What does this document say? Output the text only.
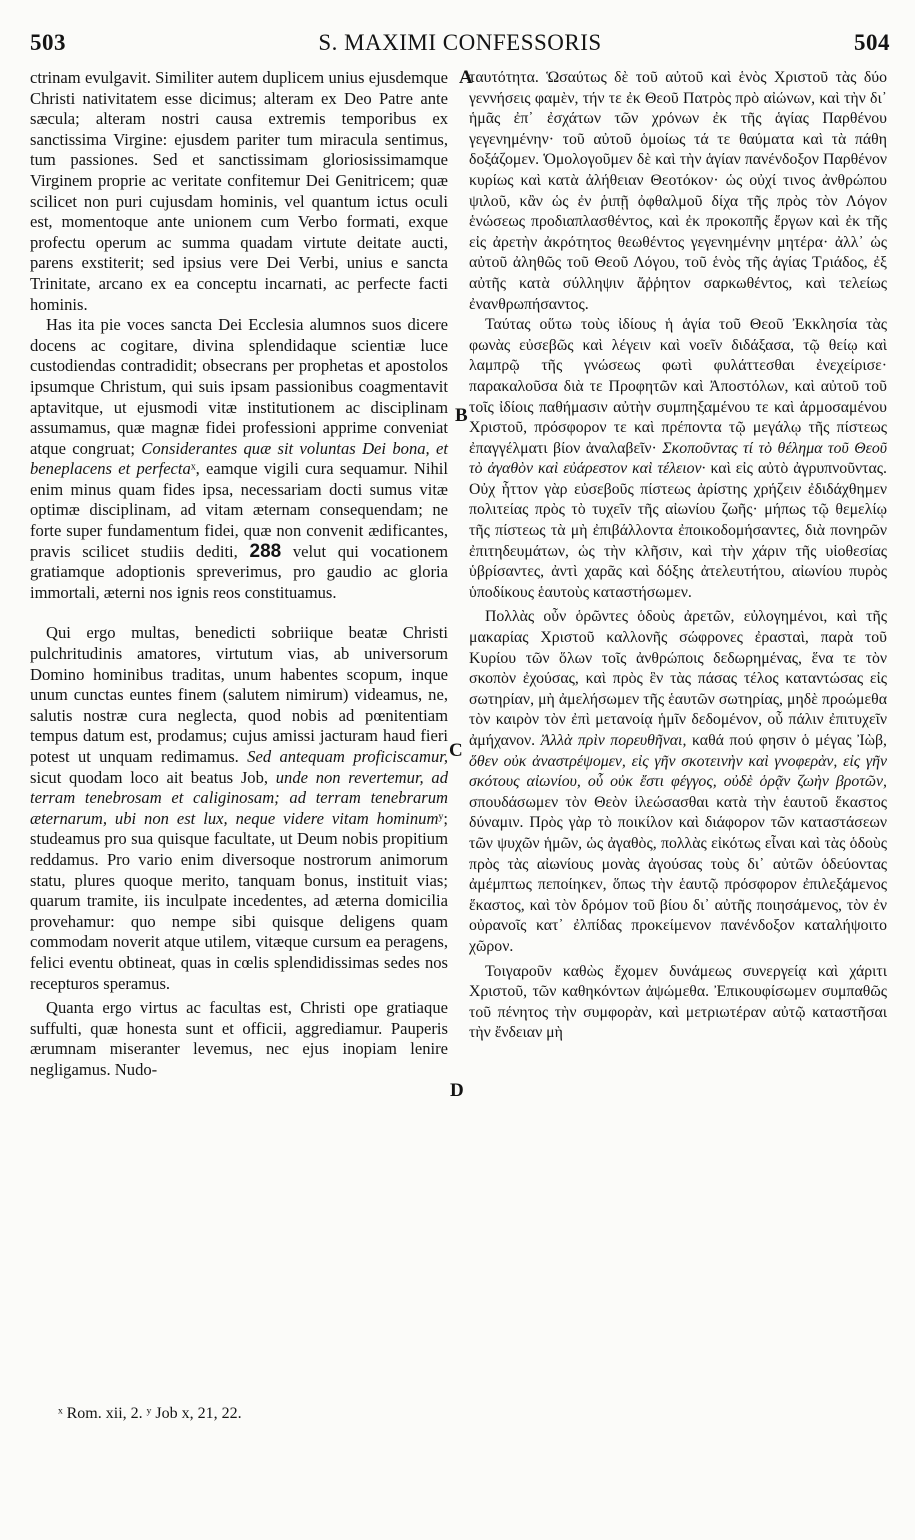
503	S. MAXIMI CONFESSORIS	504

ctrinam evulgavit. Similiter autem duplicem unius ejusdemque Christi nativitatem esse dicimus; alteram ex Deo Patre ante sæcula; alteram nostri causa extremis temporibus ex sanctissima Virgine: ejusdem pariter tum miracula sentimus, tum passiones. Sed et sanctissimam gloriosissimamque Virginem proprie ac veritate confitemur Dei Genitricem; quæ scilicet non puri cujusdam hominis, vel quantum ictus oculi est, momentoque ante unionem cum Verbo formati, exque profectu operum ac summa quadam virtute deitate aucti, parens exstiterit; sed ipsius vere Dei Verbi, unius e sancta Trinitate, arcano ex ea conceptu incarnati, ac perfecte facti hominis.

Has ita pie voces sancta Dei Ecclesia alumnos suos dicere docens ac cogitare, divina splendidaque scientiæ luce custodiendas contradidit; obsecrans per prophetas et apostolos ipsumque Christum, qui suis ipsam passionibus coagmentavit aptavitque, ut ejusmodi vitæ institutionem ac disciplinam assumamus, quæ magnæ fidei professioni apprime conveniat atque congruat; Considerantes quæ sit voluntas Dei bona, et beneplacens et perfectaˣ, eamque vigili cura sequamur. Nihil enim minus quam fides ipsa, necessariam docti sumus vitæ optimæ disciplinam, ad vitam æternam consequendam; ne forte super fundamentum fidei, quæ non convenit ædificantes, pravis scilicet studiis dediti, 288 velut qui vocationem gratiamque adoptionis spreverimus, pro gaudio ac gloria immortali, æterni nos ignis reos constituamus.

Qui ergo multas, benedicti sobriique beatæ Christi pulchritudinis amatores, virtutum vias, ab universorum Domino hominibus traditas, unum habentes scopum, inque unum cunctas euntes finem (salutem nimirum) videamus, ne, salutis nostræ cura neglecta, quod nobis ad pœnitentiam tempus datum est, prodamus; cujus amissi jacturam haud fieri potest ut unquam redimamus. Sed antequam proficiscamur, sicut quodam loco ait beatus Job, unde non revertemur, ad terram tenebrosam et caliginosam; ad terram tenebrarum æternarum, ubi non est lux, neque videre vitam hominumʸ; studeamus pro sua quisque facultate, ut Deum nobis propitium reddamus. Pro vario enim diversoque nostrorum animorum statu, plures quoque merito, tanquam bonus, instituit vias; quarum tramite, iis inculpate incedentes, ad æterna domicilia provehamur: quo nempe sibi quisque deligens quam commodam noverit atque utilem, vitæque cursum ea peragens, felici eventu obtineat, quas in cœlis splendidissimas sedes nos recepturos speramus.

Quanta ergo virtus ac facultas est, Christi ope gratiaque suffulti, quæ honesta sunt et officii, aggrediamur. Pauperis ærumnam miseranter levemus, nec ejus inopiam lenire negligamus. Nudo-

A
B
C
D

ταυτότητα. Ὡσαύτως δὲ τοῦ αὐτοῦ καὶ ἑνὸς Χριστοῦ τὰς δύο γεννήσεις φαμὲν, τήν τε ἐκ Θεοῦ Πατρὸς πρὸ αἰώνων, καὶ τὴν δι᾽ ἡμᾶς ἐπ᾽ ἐσχάτων τῶν χρόνων ἐκ τῆς ἁγίας Παρθένου γεγενημένην· τοῦ αὐτοῦ ὁμοίως τά τε θαύματα καὶ τὰ πάθη δοξάζομεν. Ὁμολογοῦμεν δὲ καὶ τὴν ἁγίαν πανένδοξον Παρθένον κυρίως καὶ κατὰ ἀλήθειαν Θεοτόκον· ὡς οὐχί τινος ἀνθρώπου ψιλοῦ, κἂν ὡς ἐν ῥιπῇ ὀφθαλμοῦ δίχα τῆς πρὸς τὸν Λόγον ἑνώσεως προδιαπλασθέντος, καὶ ἐκ προκοπῆς ἔργων καὶ ἐκ τῆς εἰς ἀρετὴν ἀκρότητος θεωθέντος γεγενημένην μητέρα· ἀλλ᾽ ὡς αὐτοῦ ἀληθῶς τοῦ Θεοῦ Λόγου, τοῦ ἑνὸς τῆς ἁγίας Τριάδος, ἐξ αὐτῆς κατὰ σύλληψιν ἄῤῥητον σαρκωθέντος, καὶ τελείως ἐνανθρωπήσαντος.

Ταύτας οὕτω τοὺς ἰδίους ἡ ἁγία τοῦ Θεοῦ Ἐκκλησία τὰς φωνὰς εὐσεβῶς καὶ λέγειν καὶ νοεῖν διδάξασα, τῷ θείῳ καὶ λαμπρῷ τῆς γνώσεως φωτὶ φυλάττεσθαι ἐνεχείρισε· παρακαλοῦσα διὰ τε Προφητῶν καὶ Ἀποστόλων, καὶ αὐτοῦ τοῦ τοῖς ἰδίοις παθήμασιν αὐτὴν συμπηξαμένου τε καὶ ἁρμοσαμένου Χριστοῦ, πρόσφορον τε καὶ πρέποντα τῷ μεγάλῳ τῆς πίστεως ἐπαγγέλματι βίον ἀναλαβεῖν· Σκοποῦντας τί τὸ θέλημα τοῦ Θεοῦ τὸ ἀγαθὸν καὶ εὐάρεστον καὶ τέλειον· καὶ εἰς αὐτὸ ἀγρυπνοῦντας. Οὐχ ἧττον γὰρ εὐσεβοῦς πίστεως ἀρίστης χρήζειν ἐδιδάχθημεν πολιτείας πρὸς τὸ τυχεῖν τῆς αἰωνίου ζωῆς· μήπως τῷ θεμελίῳ τῆς πίστεως τὰ μὴ ἐπιβάλλοντα ἐποικοδομήσαντες, διὰ πονηρῶν ἐπιτηδευμάτων, ὡς τὴν κλῆσιν, καὶ τὴν χάριν τῆς υἱοθεσίας ὑβρίσαντες, ἀντὶ χαρᾶς καὶ δόξης ἀτελευτήτου, αἰωνίου πυρὸς ὑποδίκους ἑαυτοὺς καταστήσωμεν.

Πολλὰς οὖν ὁρῶντες ὁδοὺς ἀρετῶν, εὐλογημένοι, καὶ τῆς μακαρίας Χριστοῦ καλλονῆς σώφρονες ἐρασταὶ, παρὰ τοῦ Κυρίου τῶν ὅλων τοῖς ἀνθρώποις δεδωρημένας, ἕνα τε τὸν σκοπὸν ἐχούσας, καὶ πρὸς ἓν τὰς πάσας τέλος καταντώσας εἰς σωτηρίαν, μὴ ἀμελήσωμεν τῆς ἑαυτῶν σωτηρίας, μηδὲ προώμεθα τὸν καιρὸν τὸν ἐπὶ μετανοίᾳ ἡμῖν δεδομένον, οὗ πάλιν ἐπιτυχεῖν ἀμήχανον. Ἀλλὰ πρὶν πορευθῆναι, καθά πού φησιν ὁ μέγας Ἰὼβ, ὅθεν οὐκ ἀναστρέψομεν, εἰς γῆν σκοτεινὴν καὶ γνοφερὰν, εἰς γῆν σκότους αἰωνίου, οὗ οὐκ ἔστι φέγγος, οὐδὲ ὁρᾷν ζωὴν βροτῶν, σπουδάσωμεν τὸν Θεὸν ἱλεώσασθαι κατὰ τὴν ἑαυτοῦ ἕκαστος δύναμιν. Πρὸς γὰρ τὸ ποικίλον καὶ διάφορον τῶν καταστάσεων τῶν ψυχῶν ἡμῶν, ὡς ἀγαθὸς, πολλὰς εἰκότως εἶναι καὶ τὰς ὁδοὺς πρὸς τὰς αἰωνίους μονὰς ἀγούσας τοὺς δι᾽ αὐτῶν ὁδεύοντας ἀμέμπτως πεποίηκεν, ὅπως τὴν ἑαυτῷ πρόσφορον ἐπιλεξάμενος ἕκαστος, καὶ τὸν δρόμον τοῦ βίου δι᾽ αὐτῆς ποιησάμενος, τὸν ἐν οὐρανοῖς κατ᾽ ἐλπίδας προκείμενον πανένδοξον καταλήψοιτο χῶρον.

Τοιγαροῦν καθὼς ἔχομεν δυνάμεως συνεργείᾳ καὶ χάριτι Χριστοῦ, τῶν καθηκόντων ἀψώμεθα. Ἐπικουφίσωμεν συμπαθῶς τοῦ πένητος τὴν συμφορὰν, καὶ μετριωτέραν αὐτῷ καταστῆσαι τὴν ἔνδειαν μὴ

ˣ Rom. xii, 2. ʸ Job x, 21, 22.
